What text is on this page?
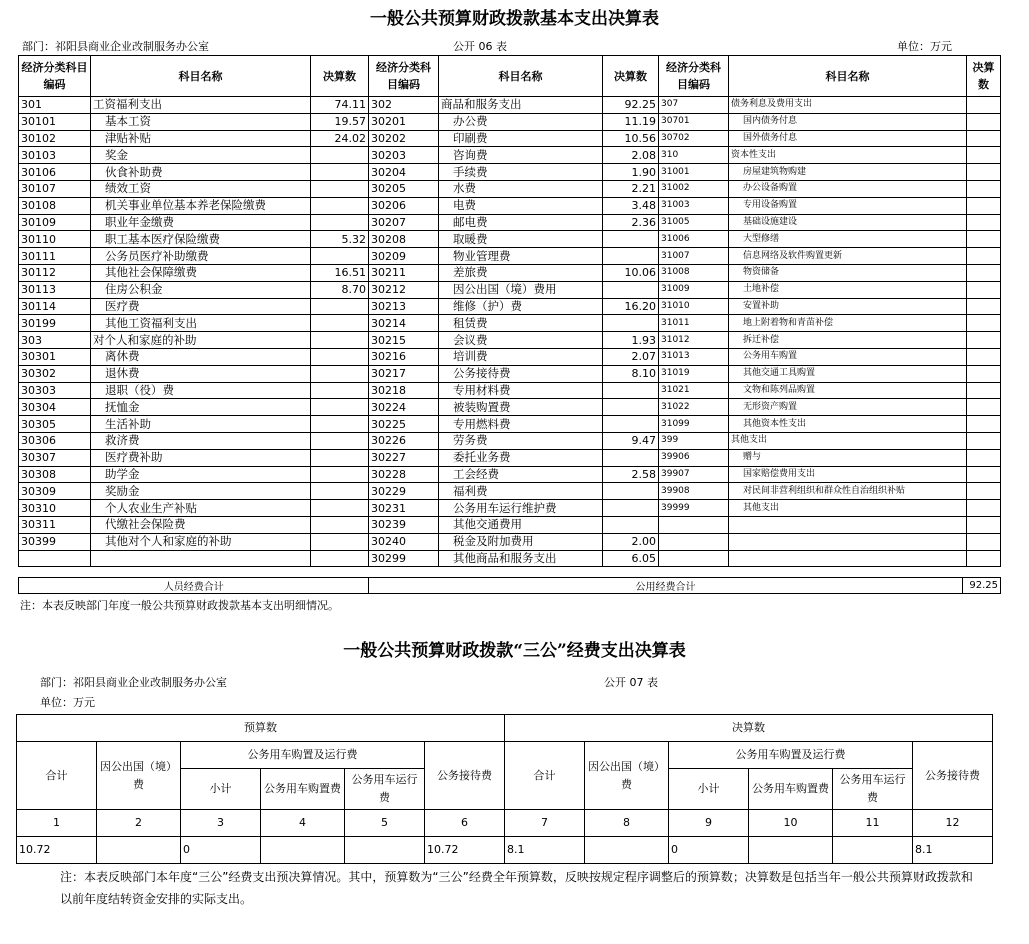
一般公共预算财政拨款基本支出决算表
部门：祁阳县商业企业改制服务办公室	公开 06 表	单位：万元
经济分类科目编码	科目名称	决算数	经济分类科目编码	科目名称	决算数	经济分类科目编码	科目名称	决算数
301	工资福利支出	74.11	302	商品和服务支出	92.25	307	债务利息及费用支出	
30101	基本工资	19.57	30201	办公费	11.19	30701	国内债务付息	
30102	津贴补贴	24.02	30202	印刷费	10.56	30702	国外债务付息	
30103	奖金		30203	咨询费	2.08	310	资本性支出	
30106	伙食补助费		30204	手续费	1.90	31001	房屋建筑物购建	
30107	绩效工资		30205	水费	2.21	31002	办公设备购置	
30108	机关事业单位基本养老保险缴费		30206	电费	3.48	31003	专用设备购置	
30109	职业年金缴费		30207	邮电费	2.36	31005	基础设施建设	
30110	职工基本医疗保险缴费	5.32	30208	取暖费		31006	大型修缮	
30111	公务员医疗补助缴费		30209	物业管理费		31007	信息网络及软件购置更新	
30112	其他社会保障缴费	16.51	30211	差旅费	10.06	31008	物资储备	
30113	住房公积金	8.70	30212	因公出国（境）费用		31009	土地补偿	
30114	医疗费		30213	维修（护）费	16.20	31010	安置补助	
30199	其他工资福利支出		30214	租赁费		31011	地上附着物和青苗补偿	
303	对个人和家庭的补助		30215	会议费	1.93	31012	拆迁补偿	
30301	离休费		30216	培训费	2.07	31013	公务用车购置	
30302	退休费		30217	公务接待费	8.10	31019	其他交通工具购置	
30303	退职（役）费		30218	专用材料费		31021	文物和陈列品购置	
30304	抚恤金		30224	被装购置费		31022	无形资产购置	
30305	生活补助		30225	专用燃料费		31099	其他资本性支出	
30306	救济费		30226	劳务费	9.47	399	其他支出	
30307	医疗费补助		30227	委托业务费		39906	赠与	
30308	助学金		30228	工会经费	2.58	39907	国家赔偿费用支出	
30309	奖励金		30229	福利费		39908	对民间非营利组织和群众性自治组织补贴	
30310	个人农业生产补贴		30231	公务用车运行维护费		39999	其他支出	
30311	代缴社会保险费		30239	其他交通费用				
30399	其他对个人和家庭的补助		30240	税金及附加费用	2.00			
			30299	其他商品和服务支出	6.05			
人员经费合计		公用经费合计	92.25
注：本表反映部门年度一般公共预算财政拨款基本支出明细情况。
一般公共预算财政拨款“三公”经费支出决算表
部门：祁阳县商业企业改制服务办公室	公开 07 表
单位：万元
预算数						决算数					
合计	因公出国（境）费	公务用车购置及运行费			公务接待费	合计	因公出国（境）费	公务用车购置及运行费			公务接待费
		小计	公务用车购置费	公务用车运行费				小计	公务用车购置费	公务用车运行费	
1	2	3	4	5	6	7	8	9	10	11	12
10.72		0			10.72	8.1		0			8.1
注：本表反映部门本年度“三公”经费支出预决算情况。其中，预算数为“三公”经费全年预算数，反映按规定程序调整后的预算数；决算数是包括当年一般公共预算财政拨款和以前年度结转资金安排的实际支出。
